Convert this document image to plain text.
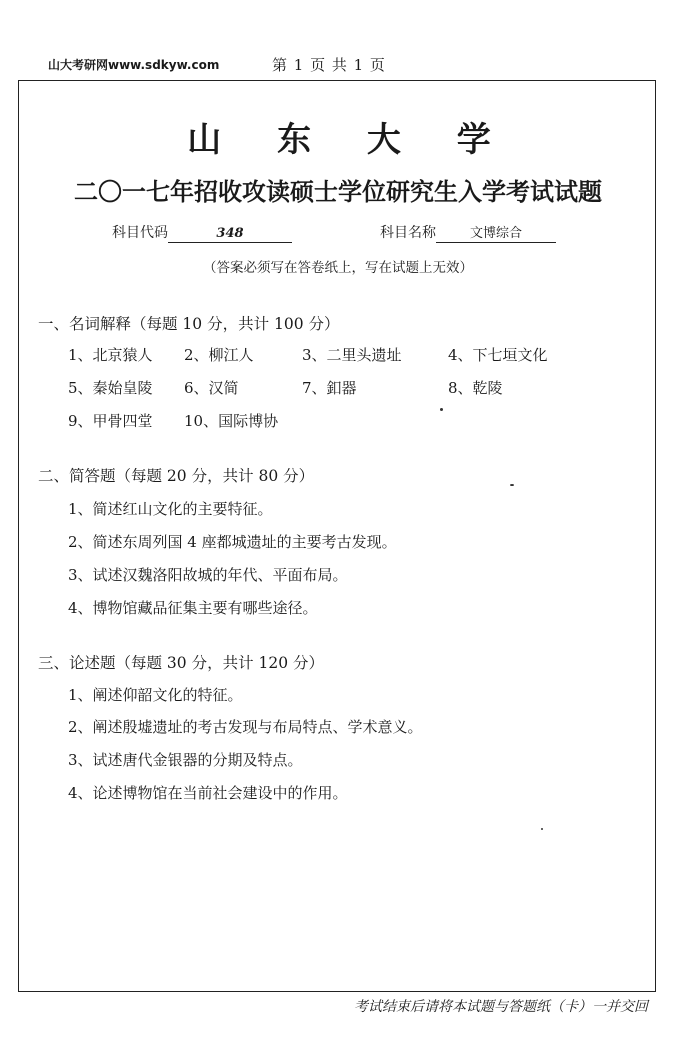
山大考研网www.sdkyw.com	第 1 页 共 1 页
山 东 大 学
二〇一七年招收攻读硕士学位研究生入学考试试题
科目代码	348	科目名称	文博综合
（答案必须写在答卷纸上，写在试题上无效）
一、名词解释（每题 10 分，共计 100 分）
1、北京猿人 2、柳江人	3、二里头遗址	4、下七垣文化
5、秦始皇陵 6、汉简	7、釦器	8、乾陵
9、甲骨四堂 10、国际博协
二、简答题（每题 20 分，共计 80 分）
1、简述红山文化的主要特征。
2、简述东周列国 4 座都城遗址的主要考古发现。
3、试述汉魏洛阳故城的年代、平面布局。
4、博物馆藏品征集主要有哪些途径。
三、论述题（每题 30 分，共计 120 分）
1、阐述仰韶文化的特征。
2、阐述殷墟遗址的考古发现与布局特点、学术意义。
3、试述唐代金银器的分期及特点。
4、论述博物馆在当前社会建设中的作用。
考试结束后请将本试题与答题纸（卡）一并交回
